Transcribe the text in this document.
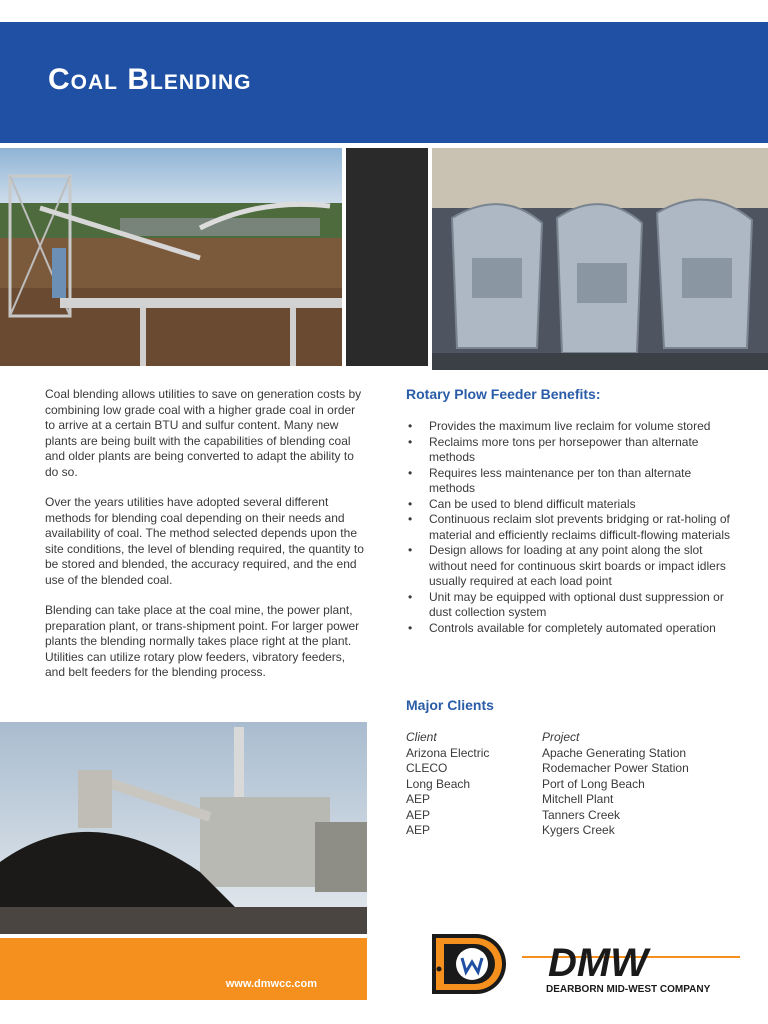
Coal Blending

Coal blending allows utilities to save on generation costs by combining low grade coal with a higher grade coal in order to arrive at a certain BTU and sulfur content. Many new plants are being built with the capabilities of blending coal and older plants are being converted to adapt the ability to do so.

Over the years utilities have adopted several different methods for blending coal depending on their needs and availability of coal. The method selected depends upon the site conditions, the level of blending required, the quantity to be stored and blended, the accuracy required, and the end use of the blended coal.

Blending can take place at the coal mine, the power plant, preparation plant, or trans-shipment point. For larger power plants the blending normally takes place right at the plant. Utilities can utilize rotary plow feeders, vibratory feeders, and belt feeders for the blending process.

Rotary Plow Feeder Benefits:
• Provides the maximum live reclaim for volume stored
• Reclaims more tons per horsepower than alternate methods
• Requires less maintenance per ton than alternate methods
• Can be used to blend difficult materials
• Continuous reclaim slot prevents bridging or rat-holing of material and efficiently reclaims difficult-flowing materials
• Design allows for loading at any point along the slot without need for continuous skirt boards or impact idlers usually required at each load point
• Unit may be equipped with optional dust suppression or dust collection system
• Controls available for completely automated operation
Major Clients
Client	Project
Arizona Electric	Apache Generating Station
CLECO	Rodemacher Power Station
Long Beach	Port of Long Beach
AEP	Mitchell Plant
AEP	Tanners Creek
AEP	Kygers Creek
www.dmwcc.com	DMW
DEARBORN MID-WEST COMPANY
